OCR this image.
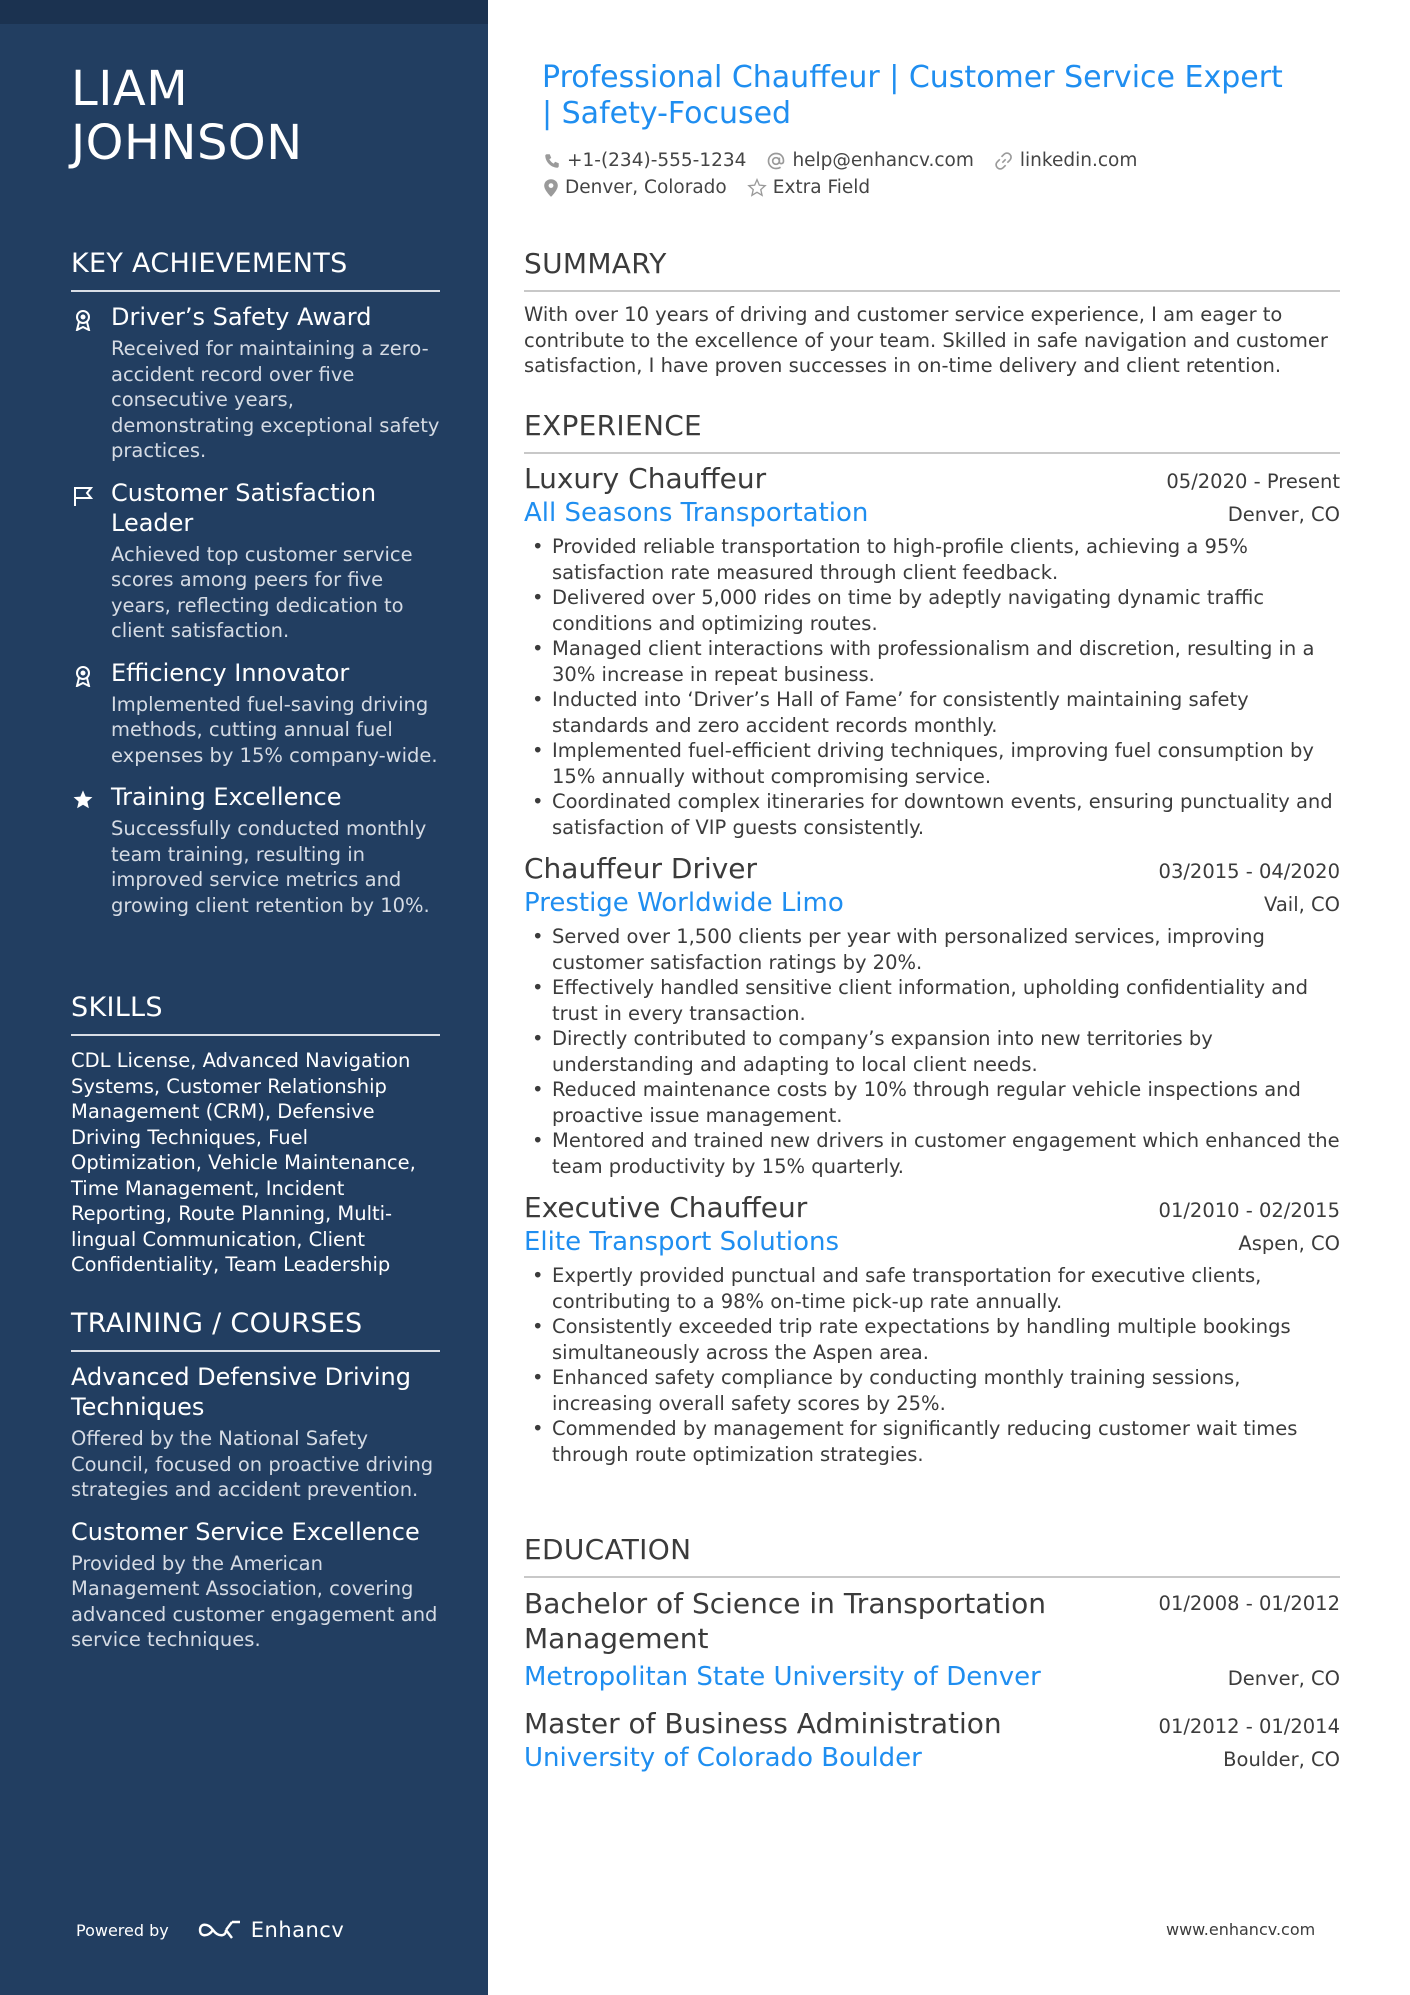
LIAM
JOHNSON
KEY ACHIEVEMENTS
Driver’s Safety Award
Received for maintaining a zero-accident record over five consecutive years, demonstrating exceptional safety practices.
Customer Satisfaction Leader
Achieved top customer service scores among peers for five years, reflecting dedication to client satisfaction.
Efficiency Innovator
Implemented fuel-saving driving methods, cutting annual fuel expenses by 15% company-wide.
Training Excellence
Successfully conducted monthly team training, resulting in improved service metrics and growing client retention by 10%.
SKILLS
CDL License, Advanced Navigation Systems, Customer Relationship Management (CRM), Defensive Driving Techniques, Fuel Optimization, Vehicle Maintenance, Time Management, Incident Reporting, Route Planning, Multi-lingual Communication, Client Confidentiality, Team Leadership
TRAINING / COURSES
Advanced Defensive Driving Techniques
Offered by the National Safety Council, focused on proactive driving strategies and accident prevention.
Customer Service Excellence
Provided by the American Management Association, covering advanced customer engagement and service techniques.
Powered by	Enhancv
Professional Chauffeur | Customer Service Expert | Safety-Focused
+1-(234)-555-1234 help@enhancv.com linkedin.com
Denver, Colorado Extra Field
SUMMARY
With over 10 years of driving and customer service experience, I am eager to contribute to the excellence of your team. Skilled in safe navigation and customer satisfaction, I have proven successes in on-time delivery and client retention.
EXPERIENCE
Luxury Chauffeur	05/2020 - Present
All Seasons Transportation	Denver, CO
• Provided reliable transportation to high-profile clients, achieving a 95% satisfaction rate measured through client feedback.
• Delivered over 5,000 rides on time by adeptly navigating dynamic traffic conditions and optimizing routes.
• Managed client interactions with professionalism and discretion, resulting in a 30% increase in repeat business.
• Inducted into ‘Driver’s Hall of Fame’ for consistently maintaining safety standards and zero accident records monthly.
• Implemented fuel-efficient driving techniques, improving fuel consumption by 15% annually without compromising service.
• Coordinated complex itineraries for downtown events, ensuring punctuality and satisfaction of VIP guests consistently.
Chauffeur Driver	03/2015 - 04/2020
Prestige Worldwide Limo	Vail, CO
• Served over 1,500 clients per year with personalized services, improving customer satisfaction ratings by 20%.
• Effectively handled sensitive client information, upholding confidentiality and trust in every transaction.
• Directly contributed to company’s expansion into new territories by understanding and adapting to local client needs.
• Reduced maintenance costs by 10% through regular vehicle inspections and proactive issue management.
• Mentored and trained new drivers in customer engagement which enhanced the team productivity by 15% quarterly.
Executive Chauffeur	01/2010 - 02/2015
Elite Transport Solutions	Aspen, CO
• Expertly provided punctual and safe transportation for executive clients, contributing to a 98% on-time pick-up rate annually.
• Consistently exceeded trip rate expectations by handling multiple bookings simultaneously across the Aspen area.
• Enhanced safety compliance by conducting monthly training sessions, increasing overall safety scores by 25%.
• Commended by management for significantly reducing customer wait times through route optimization strategies.
EDUCATION
Bachelor of Science in Transportation Management
01/2008 - 01/2012
Metropolitan State University of Denver	Denver, CO
Master of Business Administration	01/2012 - 01/2014
University of Colorado Boulder	Boulder, CO
www.enhancv.com
